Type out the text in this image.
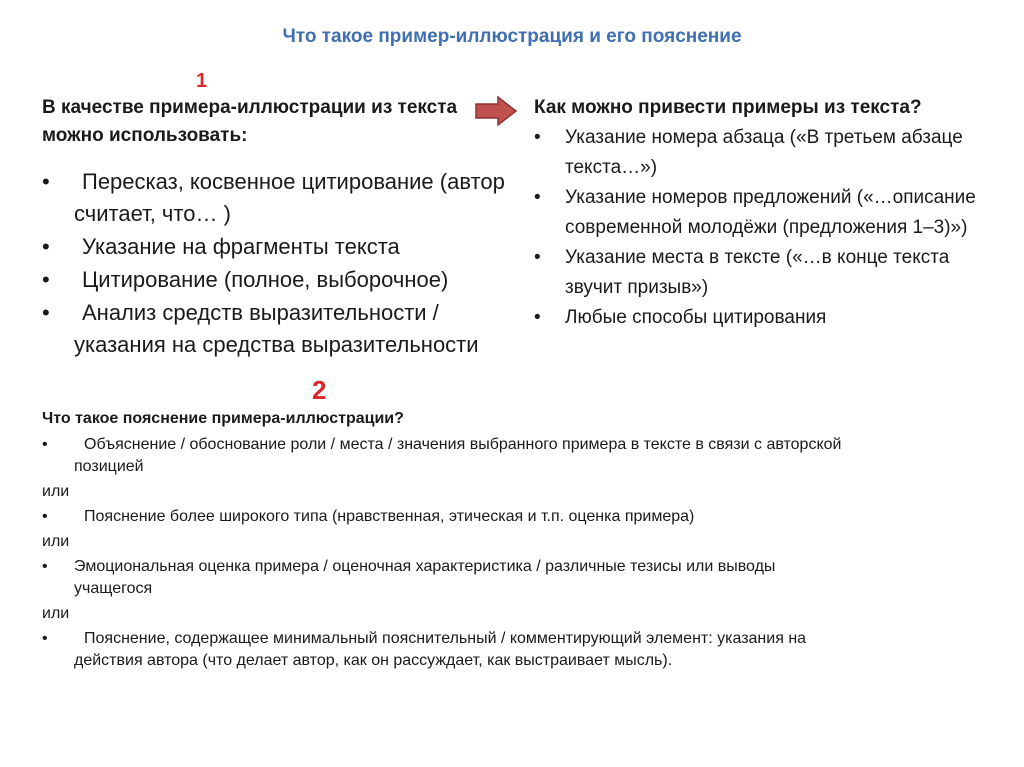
Что такое пример-иллюстрация и его пояснение
1
В качестве примера-иллюстрации из текста можно использовать:
• Пересказ, косвенное цитирование (автор считает, что… )
• Указание на фрагменты текста
• Цитирование (полное, выборочное)
• Анализ средств выразительности / указания на средства выразительности
2
Как можно привести примеры из текста?
• Указание номера абзаца («В третьем абзаце текста…»)
• Указание номеров предложений («…описание современной молодёжи (предложения 1–3)»)
• Указание места в тексте («…в конце текста звучит призыв»)
• Любые способы цитирования
Что такое пояснение примера-иллюстрации?
• Объяснение / обоснование роли / места / значения выбранного примера в тексте в связи с авторской позицией
или
• Пояснение более широкого типа (нравственная, этическая и т.п. оценка примера)
или
• Эмоциональная оценка примера / оценочная характеристика / различные тезисы или выводы учащегося
или
• Пояснение, содержащее минимальный пояснительный / комментирующий элемент: указания на действия автора (что делает автор, как он рассуждает, как выстраивает мысль).
